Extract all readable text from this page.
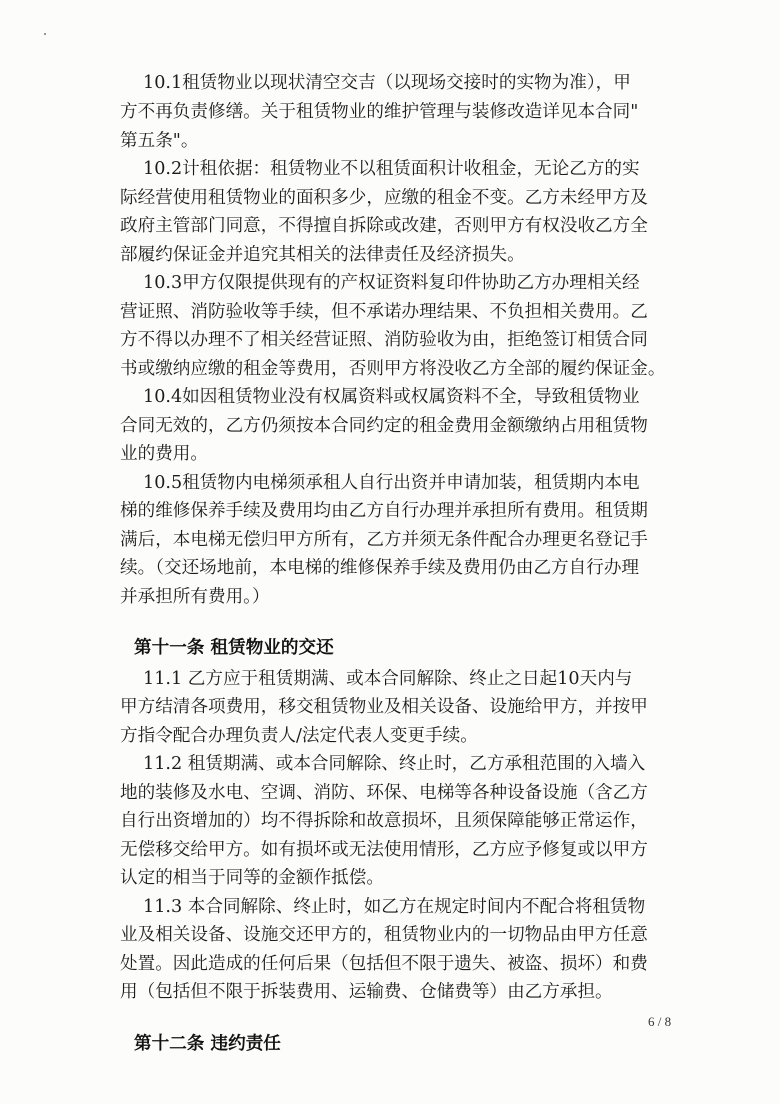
10.1租赁物业以现状清空交吉（以现场交接时的实物为准），甲
方不再负责修缮。关于租赁物业的维护管理与装修改造详见本合同"
第五条"。
10.2计租依据：租赁物业不以租赁面积计收租金，无论乙方的实
际经营使用租赁物业的面积多少，应缴的租金不变。乙方未经甲方及
政府主管部门同意，不得擅自拆除或改建，否则甲方有权没收乙方全
部履约保证金并追究其相关的法律责任及经济损失。
10.3甲方仅限提供现有的产权证资料复印件协助乙方办理相关经
营证照、消防验收等手续，但不承诺办理结果、不负担相关费用。乙
方不得以办理不了相关经营证照、消防验收为由，拒绝签订相赁合同
书或缴纳应缴的租金等费用，否则甲方将没收乙方全部的履约保证金。
10.4如因租赁物业没有权属资料或权属资料不全，导致租赁物业
合同无效的，乙方仍须按本合同约定的租金费用金额缴纳占用租赁物
业的费用。
10.5租赁物内电梯须承租人自行出资并申请加装，租赁期内本电
梯的维修保养手续及费用均由乙方自行办理并承担所有费用。租赁期
满后，本电梯无偿归甲方所有，乙方并须无条件配合办理更名登记手
续。（交还场地前，本电梯的维修保养手续及费用仍由乙方自行办理
并承担所有费用。）
第十一条 租赁物业的交还
11.1 乙方应于租赁期满、或本合同解除、终止之日起10天内与
甲方结清各项费用，移交租赁物业及相关设备、设施给甲方，并按甲
方指令配合办理负责人/法定代表人变更手续。
11.2 租赁期满、或本合同解除、终止时，乙方承租范围的入墙入
地的装修及水电、空调、消防、环保、电梯等各种设备设施（含乙方
自行出资增加的）均不得拆除和故意损坏，且须保障能够正常运作，
无偿移交给甲方。如有损坏或无法使用情形，乙方应予修复或以甲方
认定的相当于同等的金额作抵偿。
11.3 本合同解除、终止时，如乙方在规定时间内不配合将租赁物
业及相关设备、设施交还甲方的，租赁物业内的一切物品由甲方任意
处置。因此造成的任何后果（包括但不限于遗失、被盗、损坏）和费
用（包括但不限于拆装费用、运输费、仓储费等）由乙方承担。
第十二条 违约责任
6 / 8
